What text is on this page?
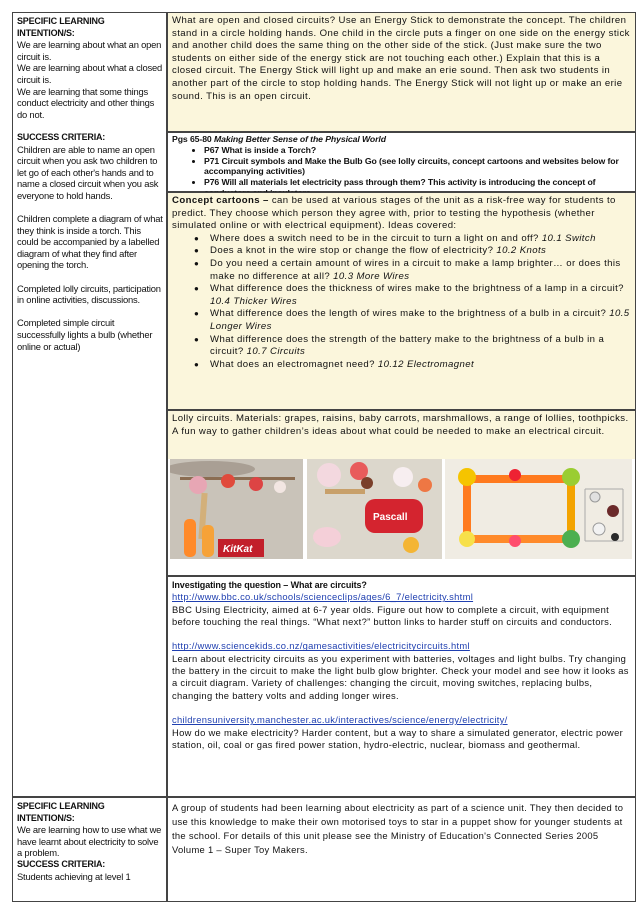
SPECIFIC LEARNING INTENTION/S:

We are learning about what an open circuit is.

We are learning about what a closed circuit is.

We are learning that some things conduct electricity and other things do not.

SUCCESS CRITERIA:

Children are able to name an open circuit when you ask two children to let go of each other's hands and to name a closed circuit when you ask everyone to hold hands.

Children complete a diagram of what they think is inside a torch. This could be accompanied by a labelled diagram of what they find after opening the torch.

Completed lolly circuits, participation in online activities, discussions.

Completed simple circuit successfully lights a bulb (whether online or actual)

SPECIFIC LEARNING INTENTION/S:

We are learning how to use what we have learnt about electricity to solve a problem.

SUCCESS CRITERIA:

Students achieving at level 1

What are open and closed circuits? Use an Energy Stick to demonstrate the concept. The children stand in a circle holding hands. One child in the circle puts a finger on one side on the energy stick and another child does the same thing on the other side of the stick. (Just make sure the two students on either side of the energy stick are not touching each other.) Explain that this is a closed circuit. The Energy Stick will light up and make an erie sound. Then ask two students in another part of the circle to stop holding hands. The Energy Stick will not light up or make an erie sound. This is an open circuit.
Pgs 65-80 Making Better Sense of the Physical World
• P67 What is inside a Torch?
• P71 Circuit symbols and Make the Bulb Go (see lolly circuits, concept cartoons and websites below for accompanying activities)
• P76 Will all materials let electricity pass through them? This activity is introducing the concept of
Concept cartoons – can be used at various stages of the unit as a risk-free way for students to predict. They choose which person they agree with, prior to testing the hypothesis (whether simulated online or with electrical equipment). Ideas covered:
● Where does a switch need to be in the circuit to turn a light on and off? 10.1 Switch
● Does a knot in the wire stop or change the flow of electricity? 10.2 Knots
● Do you need a certain amount of wires in a circuit to make a lamp brighter… or does this make no difference at all? 10.3 More Wires
● What difference does the thickness of wires make to the brightness of a lamp in a circuit? 10.4 Thicker Wires
● What difference does the length of wires make to the brightness of a bulb in a circuit? 10.5 Longer Wires
● What difference does the strength of the battery make to the brightness of a bulb in a circuit? 10.7 Circuits
● What does an electromagnet need? 10.12 Electromagnet
Lolly circuits. Materials: grapes, raisins, baby carrots, marshmallows, a range of lollies, toothpicks.
A fun way to gather children’s ideas about what could be needed to make an electrical circuit.
KitKat
Pascall
Investigating the question – What are circuits?
http://www.bbc.co.uk/schools/scienceclips/ages/6_7/electricity.shtml
BBC Using Electricity, aimed at 6-7 year olds. Figure out how to complete a circuit, with equipment before touching the real things. “What next?” button links to harder stuff on circuits and conductors.
http://www.sciencekids.co.nz/gamesactivities/electricitycircuits.html
Learn about electricity circuits as you experiment with batteries, voltages and light bulbs. Try changing the battery in the circuit to make the light bulb glow brighter. Check your model and see how it looks as a circuit diagram. Variety of challenges: changing the circuit, moving switches, replacing bulbs, changing the battery volts and adding longer wires.
childrensuniversity.manchester.ac.uk/interactives/science/energy/electricity/
How do we make electricity? Harder content, but a way to share a simulated generator, electric power station, oil, coal or gas fired power station, hydro-electric, nuclear, biomass and geothermal.
A group of students had been learning about electricity as part of a science unit. They then decided to use this knowledge to make their own motorised toys to star in a puppet show for younger students at the school. For details of this unit please see the Ministry of Education's Connected Series 2005 Volume 1 – Super Toy Makers.
